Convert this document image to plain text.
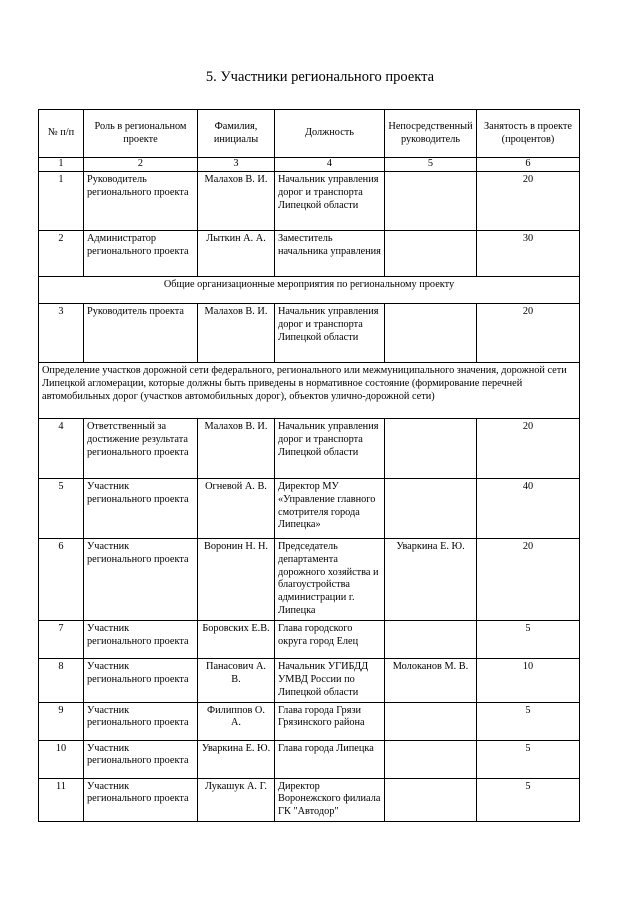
5. Участники регионального проекта
№ п/п	Роль в региональном проекте	Фамилия, инициалы	Должность	Непосредственный руководитель	Занятость в проекте (процентов)
1	2	3	4	5	6
1	Руководитель регионального проекта	Малахов В. И.	Начальник управления дорог и транспорта Липецкой области		20
2	Администратор регионального проекта	Лыткин А. А.	Заместитель начальника управления		30
Общие организационные мероприятия по региональному проекту					
3	Руководитель проекта	Малахов В. И.	Начальник управления дорог и транспорта Липецкой области		20
Определение участков дорожной сети федерального, регионального или межмуниципального значения, дорожной сети Липецкой агломерации, которые должны быть приведены в нормативное состояние (формирование перечней автомобильных дорог (участков автомобильных дорог), объектов улично-дорожной сети)					
4	Ответственный за достижение результата регионального проекта	Малахов В. И.	Начальник управления дорог и транспорта Липецкой области		20
5	Участник регионального проекта	Огневой А. В.	Директор МУ «Управление главного смотрителя города Липецка»		40
6	Участник регионального проекта	Воронин Н. Н.	Председатель департамента дорожного хозяйства и благоустройства администрации г. Липецка	Уваркина Е. Ю.	20
7	Участник регионального проекта	Боровских Е.В.	Глава городского округа город Елец		5
8	Участник регионального проекта	Панасович А. В.	Начальник УГИБДД УМВД России по Липецкой области	Молоканов М. В.	10
9	Участник регионального проекта	Филиппов О. А.	Глава города Грязи Грязинского района		5
10	Участник регионального проекта	Уваркина Е. Ю.	Глава города Липецка		5
11	Участник регионального проекта	Лукашук А. Г.	Директор Воронежского филиала ГК "Автодор"		5
